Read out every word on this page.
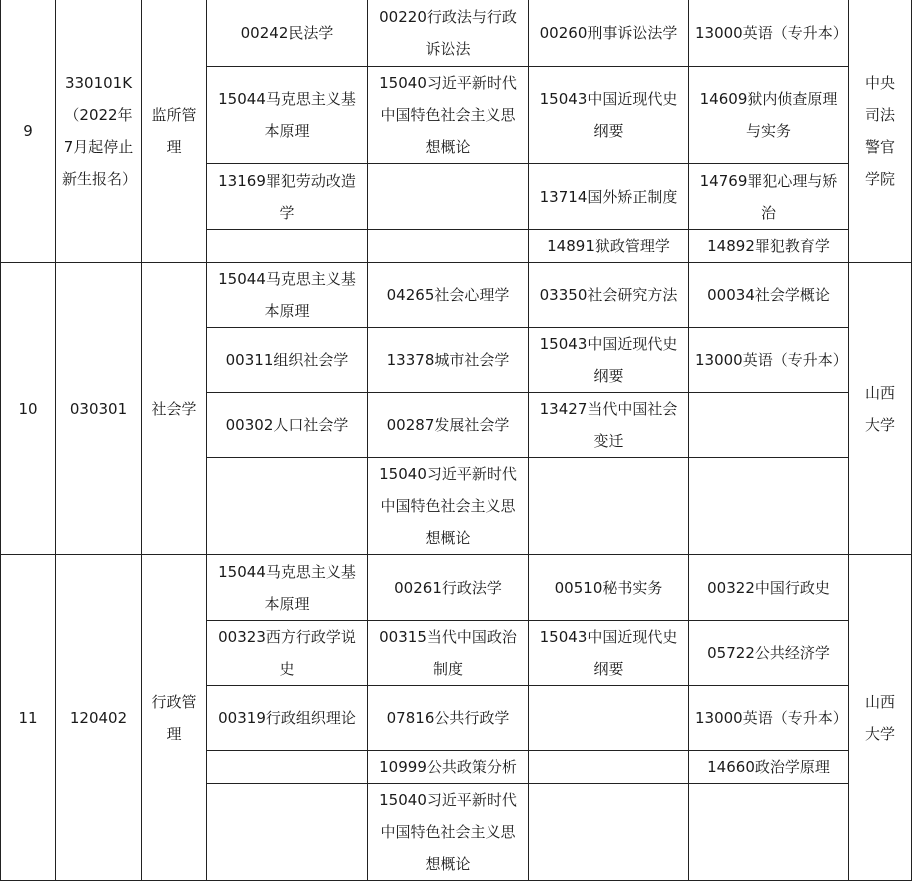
9	330101K（2022年7月起停止新生报名）	监所管理	00242民法学	00220行政法与行政诉讼法	00260刑事诉讼法学	13000英语（专升本）	中央司法警官学院
			15044马克思主义基本原理	15040习近平新时代中国特色社会主义思想概论	15043中国近现代史纲要	14609狱内侦查原理与实务	
			13169罪犯劳动改造学		13714国外矫正制度	14769罪犯心理与矫治	
					14891狱政管理学	14892罪犯教育学	
10	030301	社会学	15044马克思主义基本原理	04265社会心理学	03350社会研究方法	00034社会学概论	山西大学
			00311组织社会学	13378城市社会学	15043中国近现代史纲要	13000英语（专升本）	
			00302人口社会学	00287发展社会学	13427当代中国社会变迁		
				15040习近平新时代中国特色社会主义思想概论			
11	120402	行政管理	15044马克思主义基本原理	00261行政法学	00510秘书实务	00322中国行政史	山西大学
			00323西方行政学说史	00315当代中国政治制度	15043中国近现代史纲要	05722公共经济学	
			00319行政组织理论	07816公共行政学		13000英语（专升本）	
				10999公共政策分析		14660政治学原理	
				15040习近平新时代中国特色社会主义思想概论			
